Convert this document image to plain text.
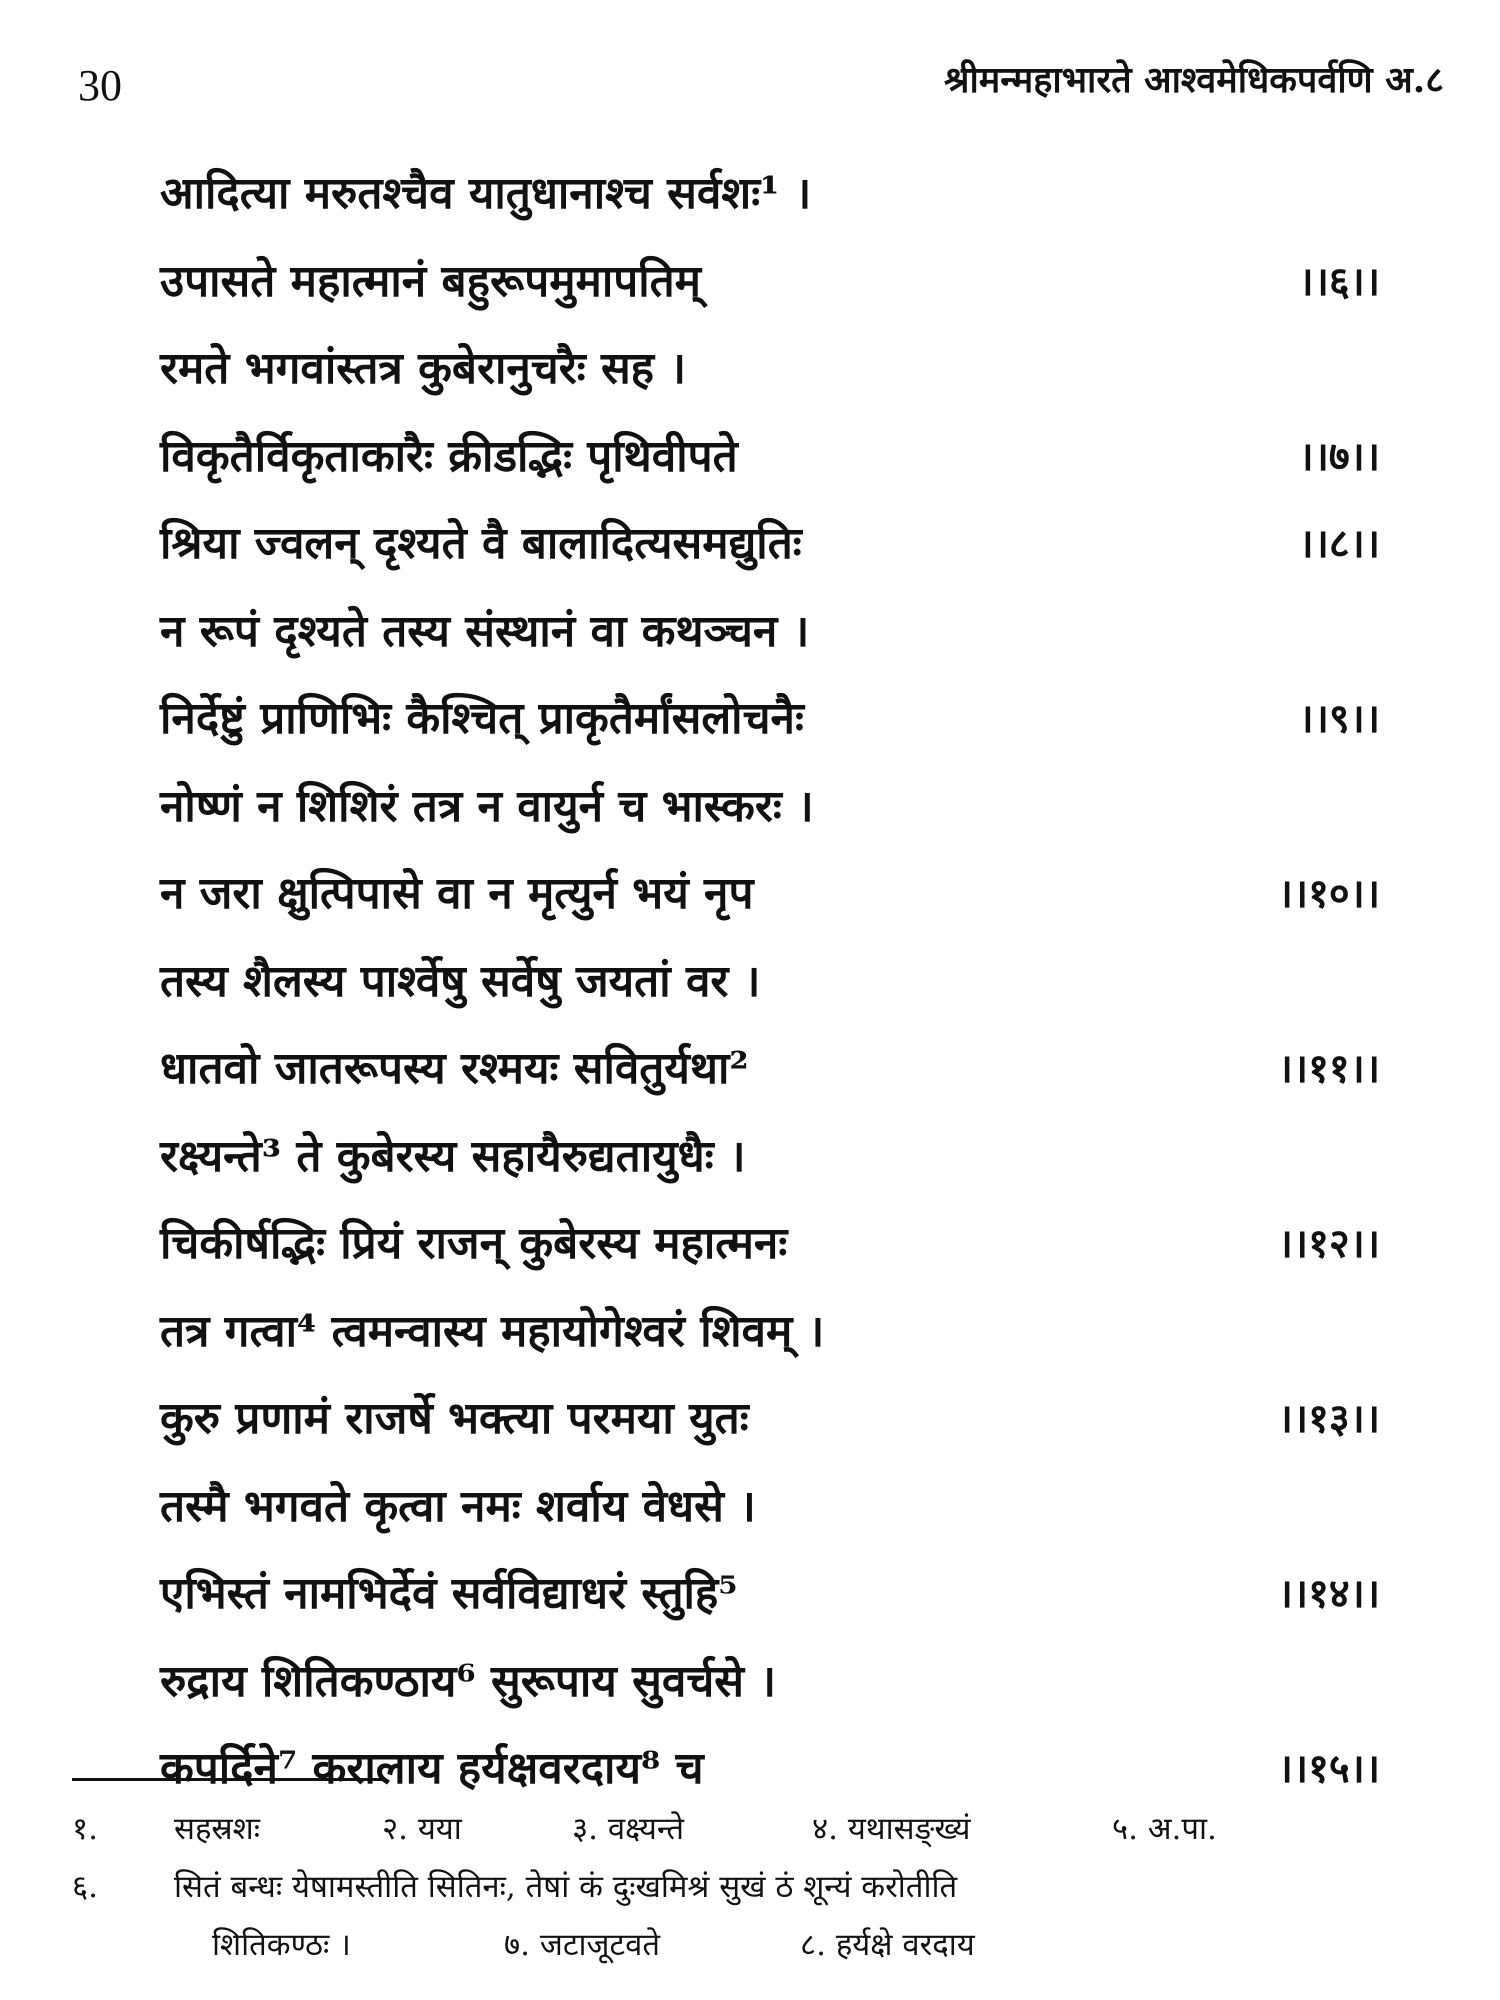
30	श्रीमन्महाभारते आश्वमेधिकपर्वणि अ.८
आदित्या मरुतश्चैव यातुधानाश्च सर्वशः¹ ।
उपासते महात्मानं बहुरूपमुमापतिम्	।।६।।
रमते भगवांस्तत्र कुबेरानुचरैः सह ।
विकृतैर्विकृताकारैः क्रीडद्भिः पृथिवीपते	।।७।।
श्रिया ज्वलन् दृश्यते वै बालादित्यसमद्युतिः	।।८।।
न रूपं दृश्यते तस्य संस्थानं वा कथञ्चन ।
निर्देष्टुं प्राणिभिः कैश्चित् प्राकृतैर्मांसलोचनैः	।।९।।
नोष्णं न शिशिरं तत्र न वायुर्न च भास्करः ।
न जरा क्षुत्पिपासे वा न मृत्युर्न भयं नृप	।।१०।।
तस्य शैलस्य पार्श्वेषु सर्वेषु जयतां वर ।
धातवो जातरूपस्य रश्मयः सवितुर्यथा²	।।११।।
रक्ष्यन्ते³ ते कुबेरस्य सहायैरुद्यतायुधैः ।
चिकीर्षद्भिः प्रियं राजन् कुबेरस्य महात्मनः	।।१२।।
तत्र गत्वा⁴ त्वमन्वास्य महायोगेश्वरं शिवम् ।
कुरु प्रणामं राजर्षे भक्त्या परमया युतः	।।१३।।
तस्मै भगवते कृत्वा नमः शर्वाय वेधसे ।
एभिस्तं नामभिर्देवं सर्वविद्याधरं स्तुहि⁵	।।१४।।
रुद्राय शितिकण्ठाय⁶ सुरूपाय सुवर्चसे ।
कपर्दिने⁷ करालाय हर्यक्षवरदाय⁸ च	।।१५।।
१. सहस्रशः	२. यया	३. वक्ष्यन्ते	४. यथासङ्ख्यं	५. अ.पा.
६. सितं बन्धः येषामस्तीति सितिनः, तेषां कं दुःखमिश्रं सुखं ठं शून्यं करोतीति
शितिकण्ठः ।	७. जटाजूटवते	८. हर्यक्षे वरदाय
